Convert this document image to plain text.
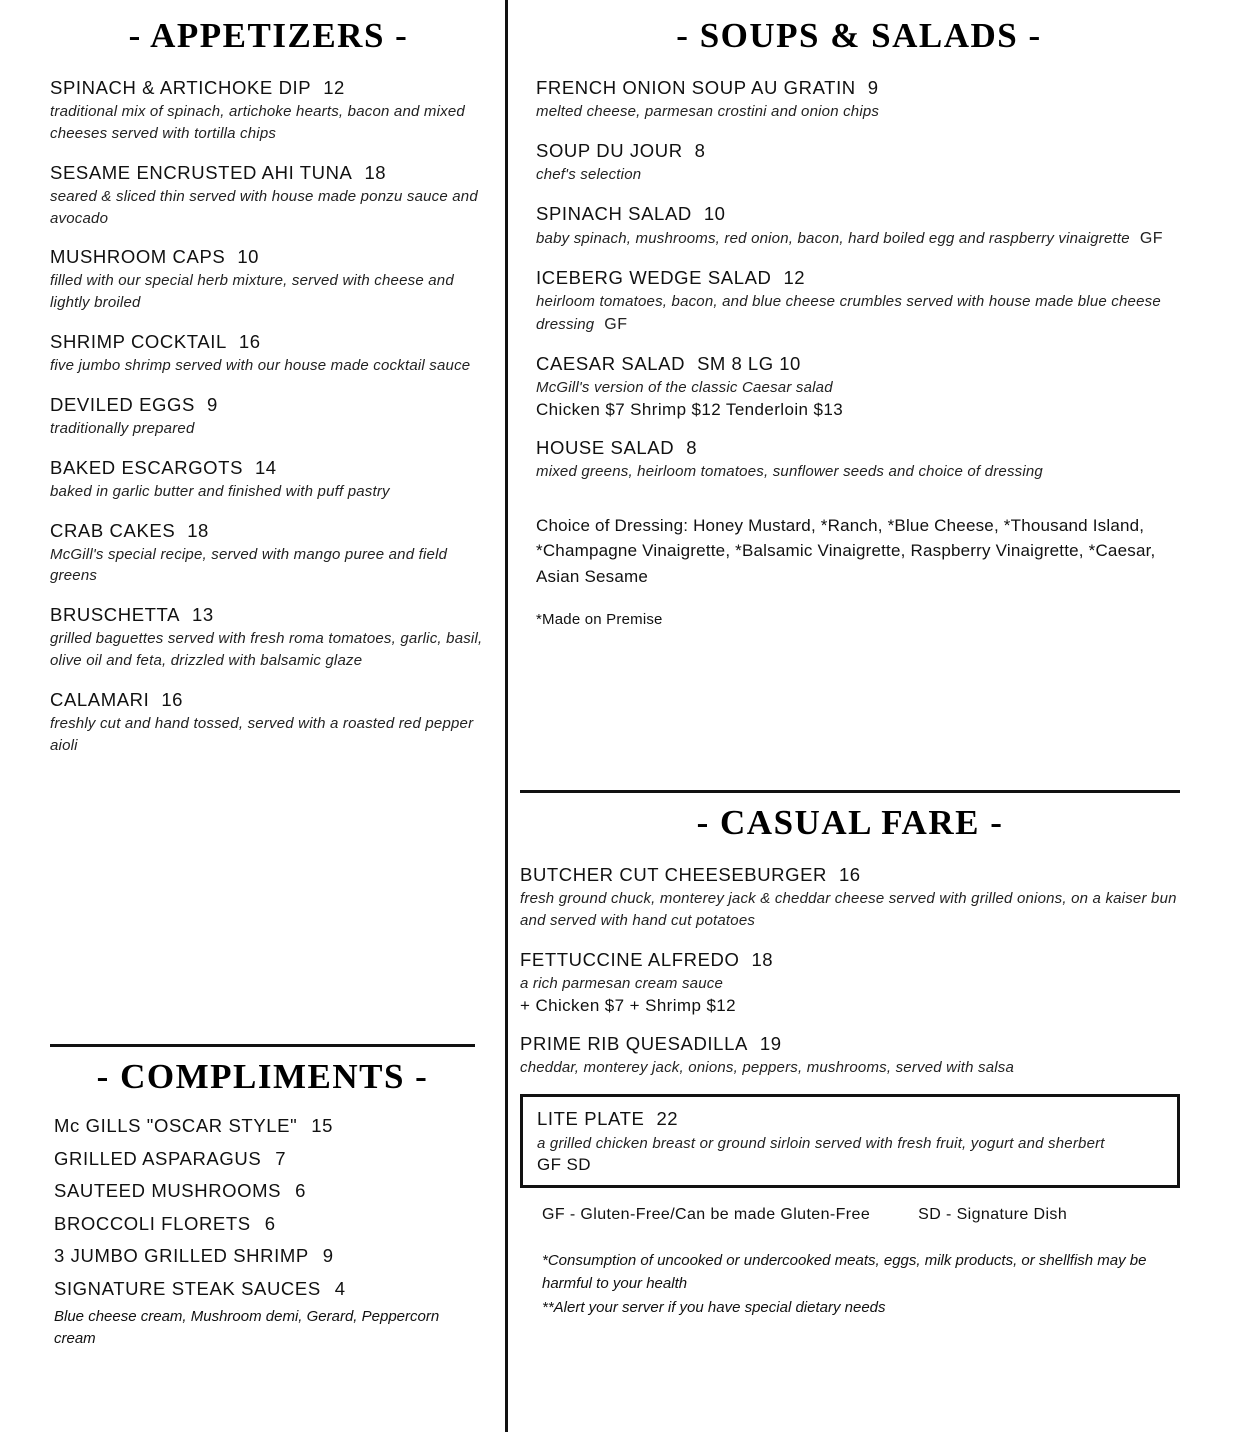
- APPETIZERS -
SPINACH & ARTICHOKE DIP 12
traditional mix of spinach, artichoke hearts, bacon and mixed cheeses served with tortilla chips
SESAME ENCRUSTED AHI TUNA 18
seared & sliced thin served with house made ponzu sauce and avocado
MUSHROOM CAPS 10
filled with our special herb mixture, served with cheese and lightly broiled
SHRIMP COCKTAIL 16
five jumbo shrimp served with our house made cocktail sauce
DEVILED EGGS 9
traditionally prepared
BAKED ESCARGOTS 14
baked in garlic butter and finished with puff pastry
CRAB CAKES 18
McGill's special recipe, served with mango puree and field greens
BRUSCHETTA 13
grilled baguettes served with fresh roma tomatoes, garlic, basil, olive oil and feta, drizzled with balsamic glaze
CALAMARI 16
freshly cut and hand tossed, served with a roasted red pepper aioli
- COMPLIMENTS -
Mc GILLS "OSCAR STYLE" 15
GRILLED ASPARAGUS 7
SAUTEED MUSHROOMS 6
BROCCOLI FLORETS 6
3 JUMBO GRILLED SHRIMP 9
SIGNATURE STEAK SAUCES 4
Blue cheese cream, Mushroom demi, Gerard, Peppercorn cream
- SOUPS & SALADS -
FRENCH ONION SOUP AU GRATIN 9
melted cheese, parmesan crostini and onion chips
SOUP DU JOUR 8
chef's selection
SPINACH SALAD 10
baby spinach, mushrooms, red onion, bacon, hard boiled egg and raspberry vinaigrette GF
ICEBERG WEDGE SALAD 12
heirloom tomatoes, bacon, and blue cheese crumbles served with house made blue cheese dressing GF
CAESAR SALAD SM 8 LG 10
McGill's version of the classic Caesar salad
Chicken $7 Shrimp $12 Tenderloin $13
HOUSE SALAD 8
mixed greens, heirloom tomatoes, sunflower seeds and choice of dressing
Choice of Dressing: Honey Mustard, *Ranch, *Blue Cheese, *Thousand Island, *Champagne Vinaigrette, *Balsamic Vinaigrette, Raspberry Vinaigrette, *Caesar, Asian Sesame
*Made on Premise
- CASUAL FARE -
BUTCHER CUT CHEESEBURGER 16
fresh ground chuck, monterey jack & cheddar cheese served with grilled onions, on a kaiser bun and served with hand cut potatoes
FETTUCCINE ALFREDO 18
a rich parmesan cream sauce
+ Chicken $7 + Shrimp $12
PRIME RIB QUESADILLA 19
cheddar, monterey jack, onions, peppers, mushrooms, served with salsa
LITE PLATE 22
a grilled chicken breast or ground sirloin served with fresh fruit, yogurt and sherbert
GF SD
GF - Gluten-Free/Can be made Gluten-Free	SD - Signature Dish
*Consumption of uncooked or undercooked meats, eggs, milk products, or shellfish may be harmful to your health
**Alert your server if you have special dietary needs
